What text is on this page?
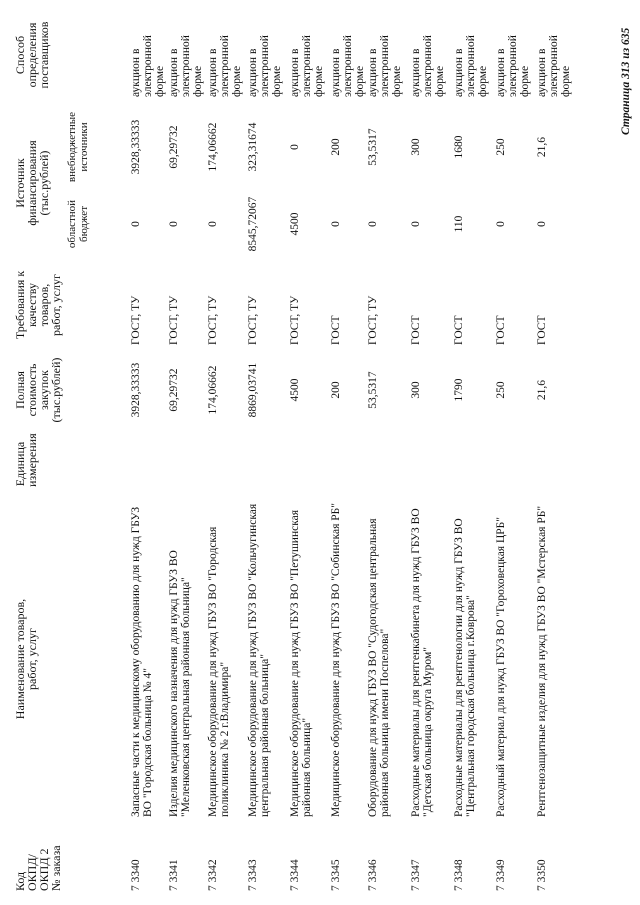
Код
ОКПД/
ОКПД 2
№ заказа
Наименование товаров,
работ, услуг
Единица
измерения
Полная
стоимость
закупок
(тыс.рублей)
Требования к
качеству товаров,
работ, услуг
Источник
финансирования
(тыс.рублей)
Способ
определения
поставщиков
областной бюджет
внебюджетные источники
7 3340
Запасные части к медицинскому оборудованию для нужд ГБУЗ
ВО "Городская больница № 4"
3928,33333
ГОСТ, ТУ
0
3928,33333
аукцион в
электронной
форме
7 3341
Изделия медицинского назначения для нужд ГБУЗ ВО
"Меленковская центральная районная больница"
69,29732
ГОСТ, ТУ
0
69,29732
аукцион в
электронной
форме
7 3342
Медицинское оборудование для нужд ГБУЗ ВО "Городская
поликлиника № 2 г.Владимира"
174,06662
ГОСТ, ТУ
0
174,06662
аукцион в
электронной
форме
7 3343
Медицинское оборудование для нужд ГБУЗ ВО "Кольчугинская
центральная районная больница"
8869,03741
ГОСТ, ТУ
8545,72067
323,31674
аукцион в
электронной
форме
7 3344
Медицинское оборудование для нужд ГБУЗ ВО "Петушинская
районная больница"
4500
ГОСТ, ТУ
4500
0
аукцион в
электронной
форме
7 3345
Медицинское оборудование для нужд ГБУЗ ВО "Собинская РБ"
200
ГОСТ
0
200
аукцион в
электронной
форме
7 3346
Оборудование для нужд ГБУЗ ВО "Судогодская центральная
районная больница имени Поспелова"
53,5317
ГОСТ, ТУ
0
53,5317
аукцион в
электронной
форме
7 3347
Расходные материалы для рентгенкабинета для нужд ГБУЗ ВО
"Детская больница округа Муром"
300
ГОСТ
0
300
аукцион в
электронной
форме
7 3348
Расходные материалы для рентгенологии для нужд ГБУЗ ВО
"Центральная городская больница г.Коврова"
1790
ГОСТ
110
1680
аукцион в
электронной
форме
7 3349
Расходный материал для нужд ГБУЗ ВО "Гороховецкая ЦРБ"
250
ГОСТ
0
250
аукцион в
электронной
форме
7 3350
Рентгенозащитные изделия для нужд ГБУЗ ВО "Мстерская РБ"
21,6
ГОСТ
0
21,6
аукцион в
электронной
форме	Страница 313 из 635
